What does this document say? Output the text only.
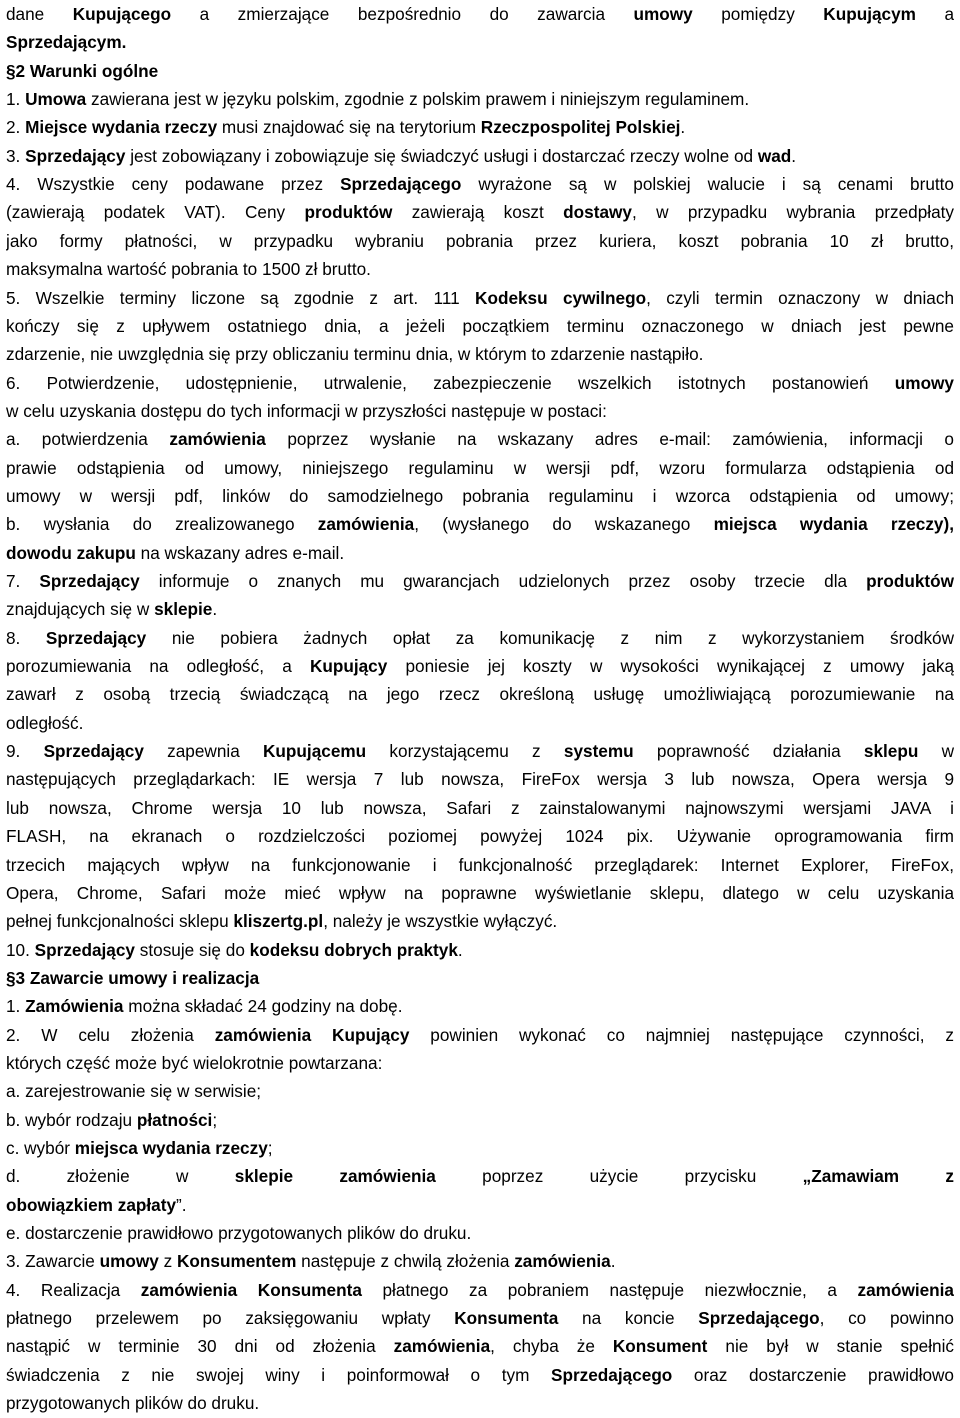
dane Kupującego a zmierzające bezpośrednio do zawarcia umowy pomiędzy Kupującym a
Sprzedającym.
§2 Warunki ogólne
1. Umowa zawierana jest w języku polskim, zgodnie z polskim prawem i niniejszym regulaminem.
2. Miejsce wydania rzeczy musi znajdować się na terytorium Rzeczpospolitej Polskiej.
3. Sprzedający jest zobowiązany i zobowiązuje się świadczyć usługi i dostarczać rzeczy wolne od wad.
4. Wszystkie ceny podawane przez Sprzedającego wyrażone są w polskiej walucie i są cenami brutto
(zawierają podatek VAT). Ceny produktów zawierają koszt dostawy, w przypadku wybrania przedpłaty
jako formy płatności, w przypadku wybraniu pobrania przez kuriera, koszt pobrania 10 zł brutto,
maksymalna wartość pobrania to 1500 zł brutto.
5. Wszelkie terminy liczone są zgodnie z art. 111 Kodeksu cywilnego, czyli termin oznaczony w dniach
kończy się z upływem ostatniego dnia, a jeżeli początkiem terminu oznaczonego w dniach jest pewne
zdarzenie, nie uwzględnia się przy obliczaniu terminu dnia, w którym to zdarzenie nastąpiło.
6. Potwierdzenie, udostępnienie, utrwalenie, zabezpieczenie wszelkich istotnych postanowień umowy
w celu uzyskania dostępu do tych informacji w przyszłości następuje w postaci:
a. potwierdzenia zamówienia poprzez wysłanie na wskazany adres e-mail: zamówienia, informacji o
prawie odstąpienia od umowy, niniejszego regulaminu w wersji pdf, wzoru formularza odstąpienia od
umowy w wersji pdf, linków do samodzielnego pobrania regulaminu i wzorca odstąpienia od umowy;
b. wysłania do zrealizowanego zamówienia, (wysłanego do wskazanego miejsca wydania rzeczy),
dowodu zakupu na wskazany adres e-mail.
7. Sprzedający informuje o znanych mu gwarancjach udzielonych przez osoby trzecie dla produktów
znajdujących się w sklepie.
8. Sprzedający nie pobiera żadnych opłat za komunikację z nim z wykorzystaniem środków
porozumiewania na odległość, a Kupujący poniesie jej koszty w wysokości wynikającej z umowy jaką
zawarł z osobą trzecią świadczącą na jego rzecz określoną usługę umożliwiającą porozumiewanie na
odległość.
9. Sprzedający zapewnia Kupującemu korzystającemu z systemu poprawność działania sklepu w
następujących przeglądarkach: IE wersja 7 lub nowsza, FireFox wersja 3 lub nowsza, Opera wersja 9
lub nowsza, Chrome wersja 10 lub nowsza, Safari z zainstalowanymi najnowszymi wersjami JAVA i
FLASH, na ekranach o rozdzielczości poziomej powyżej 1024 pix. Używanie oprogramowania firm
trzecich mających wpływ na funkcjonowanie i funkcjonalność przeglądarek: Internet Explorer, FireFox,
Opera, Chrome, Safari może mieć wpływ na poprawne wyświetlanie sklepu, dlatego w celu uzyskania
pełnej funkcjonalności sklepu kliszertg.pl, należy je wszystkie wyłączyć.
10. Sprzedający stosuje się do kodeksu dobrych praktyk.
§3 Zawarcie umowy i realizacja
1. Zamówienia można składać 24 godziny na dobę.
2. W celu złożenia zamówienia Kupujący powinien wykonać co najmniej następujące czynności, z
których część może być wielokrotnie powtarzana:
a. zarejestrowanie się w serwisie;
b. wybór rodzaju płatności;
c. wybór miejsca wydania rzeczy;
d. złożenie w sklepie zamówienia poprzez użycie przycisku „Zamawiam z
obowiązkiem zapłaty”.
e. dostarczenie prawidłowo przygotowanych plików do druku.
3. Zawarcie umowy z Konsumentem następuje z chwilą złożenia zamówienia.
4. Realizacja zamówienia Konsumenta płatnego za pobraniem następuje niezwłocznie, a zamówienia
płatnego przelewem po zaksięgowaniu wpłaty Konsumenta na koncie Sprzedającego, co powinno
nastąpić w terminie 30 dni od złożenia zamówienia, chyba że Konsument nie był w stanie spełnić
świadczenia z nie swojej winy i poinformował o tym Sprzedającego oraz dostarczenie prawidłowo
przygotowanych plików do druku.
